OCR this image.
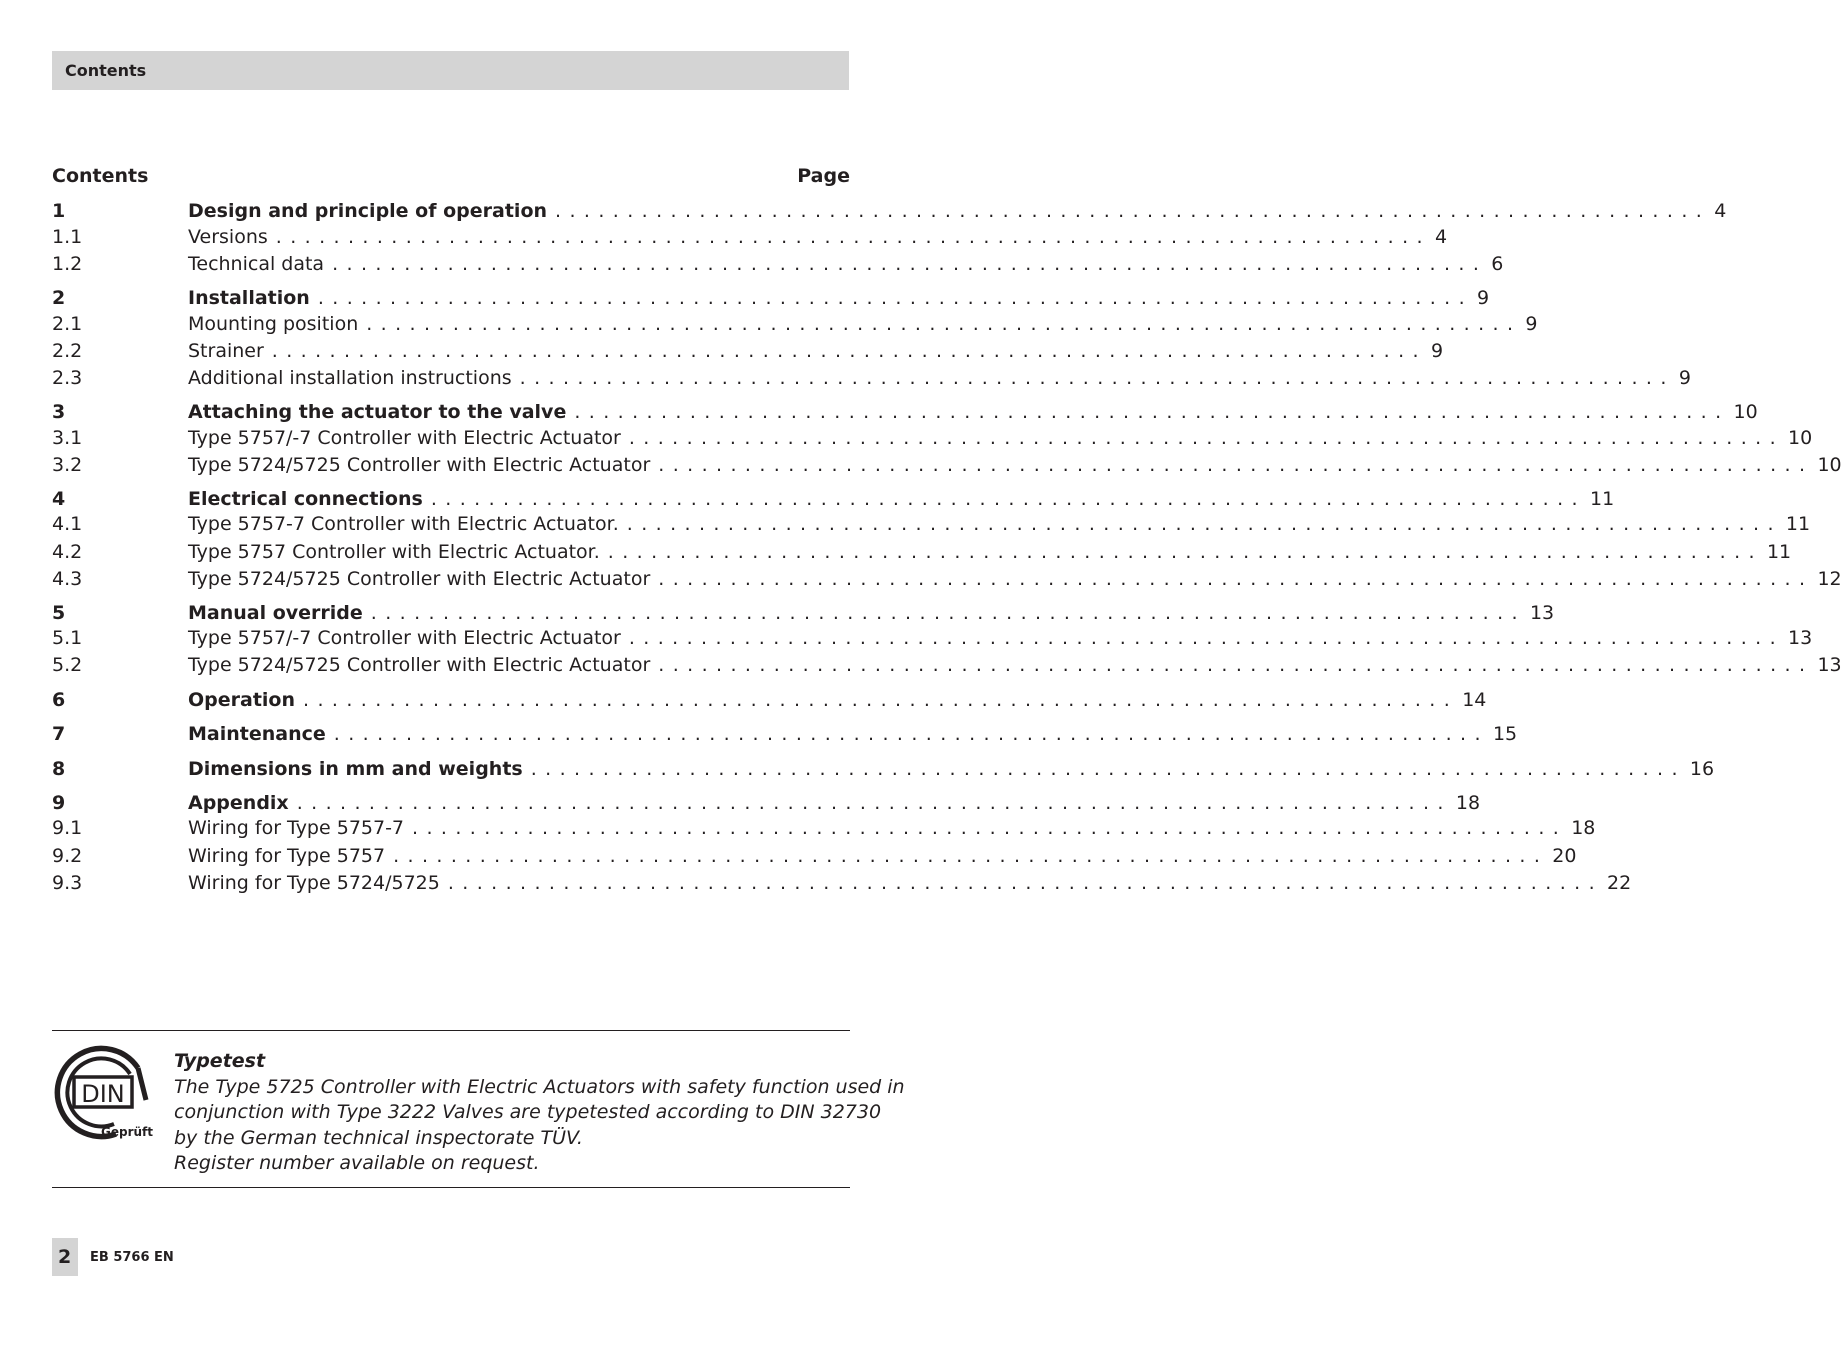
Contents
Contents	Page
1	Design and principle of operation ................................................................................ 4
1.1	Versions ................................................................................ 4
1.2	Technical data ................................................................................ 6
2	Installation ................................................................................ 9
2.1	Mounting position ................................................................................ 9
2.2	Strainer ................................................................................ 9
2.3	Additional installation instructions ................................................................................ 9
3	Attaching the actuator to the valve ................................................................................ 10
3.1	Type 5757/-7 Controller with Electric Actuator ................................................................................ 10
3.2	Type 5724/5725 Controller with Electric Actuator ................................................................................ 10
4	Electrical connections ................................................................................ 11
4.1	Type 5757-7 Controller with Electric Actuator. ................................................................................ 11
4.2	Type 5757 Controller with Electric Actuator. ................................................................................ 11
4.3	Type 5724/5725 Controller with Electric Actuator ................................................................................ 12
5	Manual override ................................................................................ 13
5.1	Type 5757/-7 Controller with Electric Actuator ................................................................................ 13
5.2	Type 5724/5725 Controller with Electric Actuator ................................................................................ 13
6	Operation ................................................................................ 14
7	Maintenance ................................................................................ 15
8	Dimensions in mm and weights ................................................................................ 16
9	Appendix ................................................................................ 18
9.1	Wiring for Type 5757-7 ................................................................................ 18
9.2	Wiring for Type 5757 ................................................................................ 20
9.3	Wiring for Type 5724/5725 ................................................................................ 22
DIN
Geprüft
Typetest
The Type 5725 Controller with Electric Actuators with safety function used in
conjunction with Type 3222 Valves are typetested according to DIN 32730
by the German technical inspectorate TÜV.
Register number available on request.
2 EB 5766 EN
